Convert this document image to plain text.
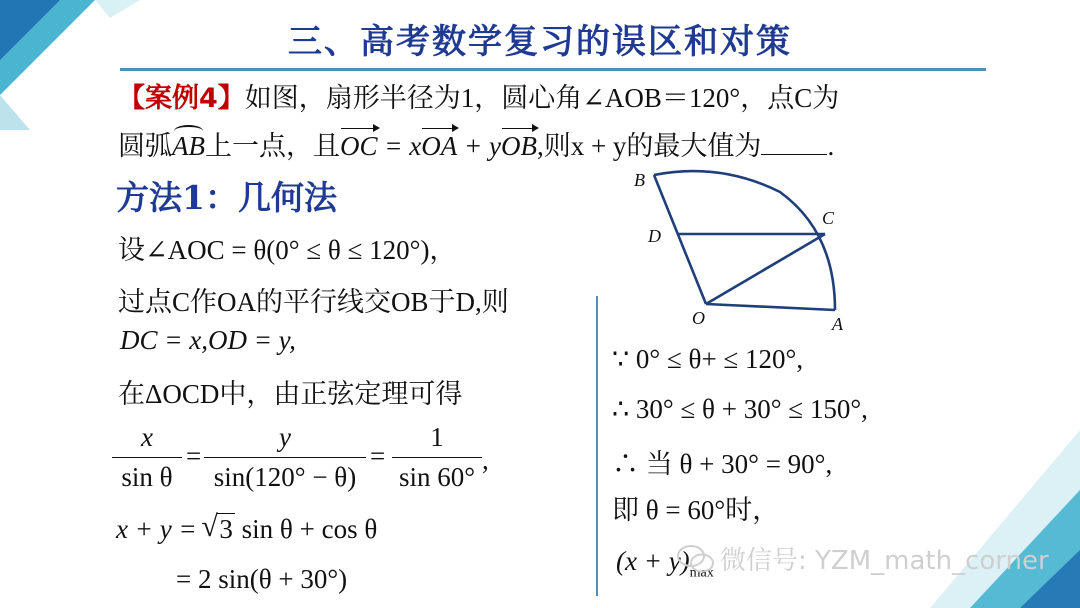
三、高考数学复习的误区和对策
【案例4】如图，扇形半径为1，圆心角∠AOB＝120°，点C为
圆弧AB上一点，且OC = xOA + yOB,则x + y的最大值为 .
方法1：几何法
设∠AOC = θ(0° ≤ θ ≤ 120°)，
过点C作OA的平行线交OB于D,则
DC = x,OD = y,
在ΔOCD中，由正弦定理可得
$\frac{x}{\text{sin θ}} = \frac{y}{\sin(120^\circ - \theta)} = \frac{1}{\sin 60^\circ}$ ,
x + y = √ 3 sin θ + cos θ
= 2 sin(θ + 30°)
∵ 0° ≤ θ+ ≤ 120°,
∴ 30° ≤ θ + 30° ≤ 150°,
∴ 当 θ + 30° = 90°,
即 θ = 60°时，
$(x + y)_{max}$
B
C
D
O	A
微信号: YZM_math_corner
